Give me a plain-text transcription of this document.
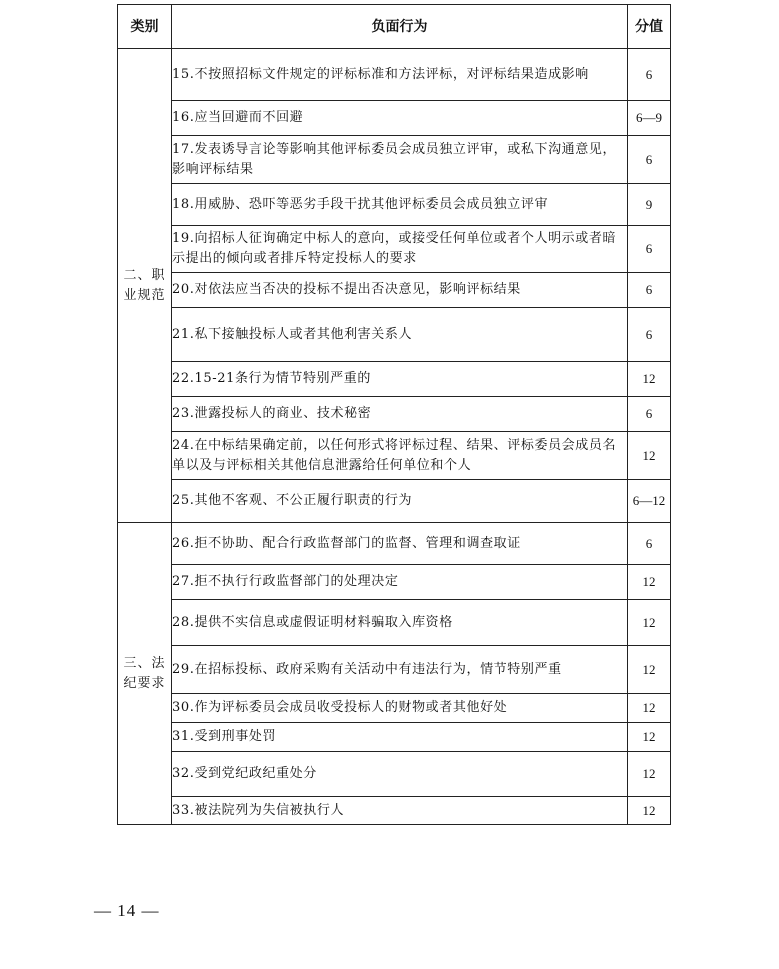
类别	负面行为	分值
二、职业规范	15.不按照招标文件规定的评标标准和方法评标，对评标结果造成影响	6
	16.应当回避而不回避	6—9
	17.发表诱导言论等影响其他评标委员会成员独立评审，或私下沟通意见，影响评标结果	6
	18.用威胁、恐吓等恶劣手段干扰其他评标委员会成员独立评审	9
	19.向招标人征询确定中标人的意向，或接受任何单位或者个人明示或者暗示提出的倾向或者排斥特定投标人的要求	6
	20.对依法应当否决的投标不提出否决意见，影响评标结果	6
	21.私下接触投标人或者其他利害关系人	6
	22.15-21条行为情节特别严重的	12
	23.泄露投标人的商业、技术秘密	6
	24.在中标结果确定前，以任何形式将评标过程、结果、评标委员会成员名单以及与评标相关其他信息泄露给任何单位和个人	12
	25.其他不客观、不公正履行职责的行为	6—12
三、法纪要求	26.拒不协助、配合行政监督部门的监督、管理和调查取证	6
	27.拒不执行行政监督部门的处理决定	12
	28.提供不实信息或虚假证明材料骗取入库资格	12
	29.在招标投标、政府采购有关活动中有违法行为，情节特别严重	12
	30.作为评标委员会成员收受投标人的财物或者其他好处	12
	31.受到刑事处罚	12
	32.受到党纪政纪重处分	12
	33.被法院列为失信被执行人	12
— 14 —
